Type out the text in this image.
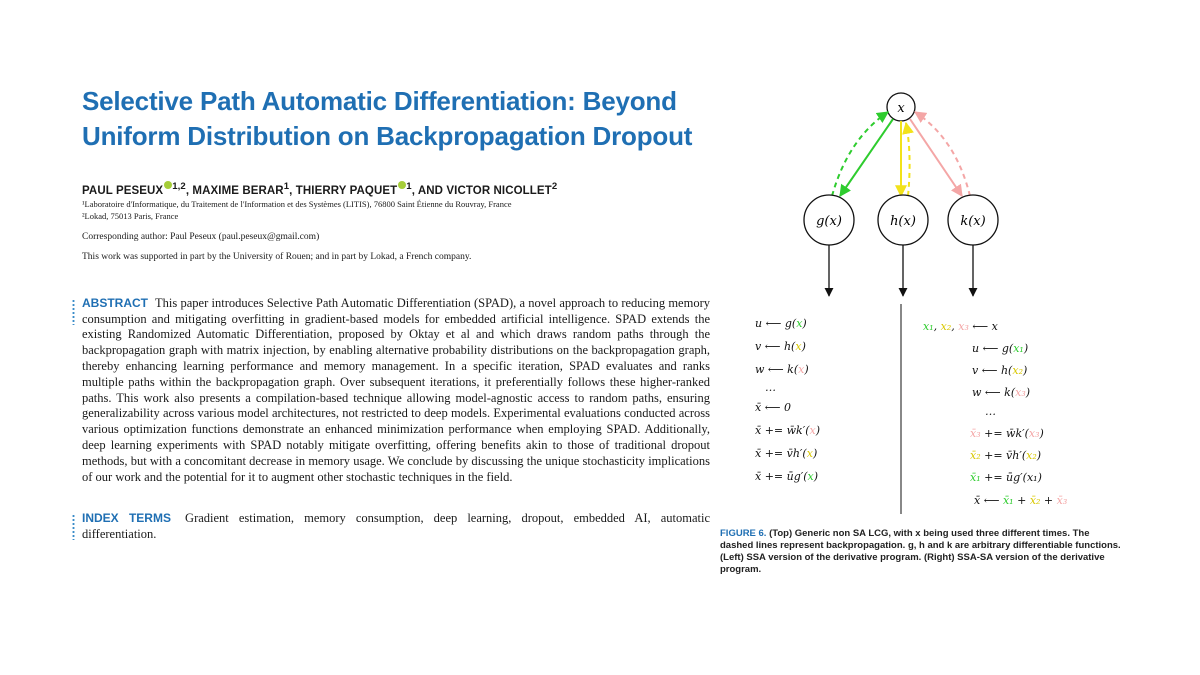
Selective Path Automatic Differentiation: Beyond Uniform Distribution on Backpropagation Dropout
PAUL PESEUX $^{1,2}$, MAXIME BERAR$^1$, THIERRY PAQUET $^1$, AND VICTOR NICOLLET$^2$
¹Laboratoire d'Informatique, du Traitement de l'Information et des Systèmes (LITIS), 76800 Saint Étienne du Rouvray, France
²Lokad, 75013 Paris, France
Corresponding author: Paul Peseux (paul.peseux@gmail.com)
This work was supported in part by the University of Rouen; and in part by Lokad, a French company.
ABSTRACT This paper introduces Selective Path Automatic Differentiation (SPAD), a novel approach to reducing memory consumption and mitigating overfitting in gradient-based models for embedded artificial intelligence. SPAD extends the existing Randomized Automatic Differentiation, proposed by Oktay et al and which draws random paths through the backpropagation graph with matrix injection, by enabling alternative probability distributions on the backpropagation graph, thereby enhancing learning performance and memory management. In a specific iteration, SPAD evaluates and ranks multiple paths within the backpropagation graph. Over subsequent iterations, it preferentially follows these higher-ranked paths. This work also presents a compilation-based technique allowing model-agnostic access to random paths, ensuring generalizability across various model architectures, not restricted to deep models. Experimental evaluations conducted across various optimization functions demonstrate an enhanced minimization performance when employing SPAD. Additionally, deep learning experiments with SPAD notably mitigate overfitting, offering benefits akin to those of traditional dropout methods, but with a concomitant decrease in memory usage. We conclude by discussing the unique stochasticity implications of our work and the potential for it to augment other stochastic techniques in the field.
INDEX TERMS Gradient estimation, memory consumption, deep learning, dropout, embedded AI, automatic differentiation.
x
g(x)	h(x)	k(x)
u ⟵ g(x)
v ⟵ h(x)
w ⟵ k(x)
…
x̄ ⟵ 0
x̄ += w̄k′(x)
x̄ += v̄h′(x)
x̄ += ūg′(x)
x₁, x₂, x₃ ⟵ x
u ⟵ g(x₁)
v ⟵ h(x₂)
w ⟵ k(x₃)
…
x̄₃ += w̄k′(x₃)
x̄₂ += v̄h′(x₂)
x̄₁ += ūg′(x₁)
x̄ ⟵ x̄₁ + x̄₂ + x̄₃
FIGURE 6. (Top) Generic non SA LCG, with x being used three different times. The dashed lines represent backpropagation. g, h and k are arbitrary differentiable functions. (Left) SSA version of the derivative program. (Right) SSA-SA version of the derivative program.
